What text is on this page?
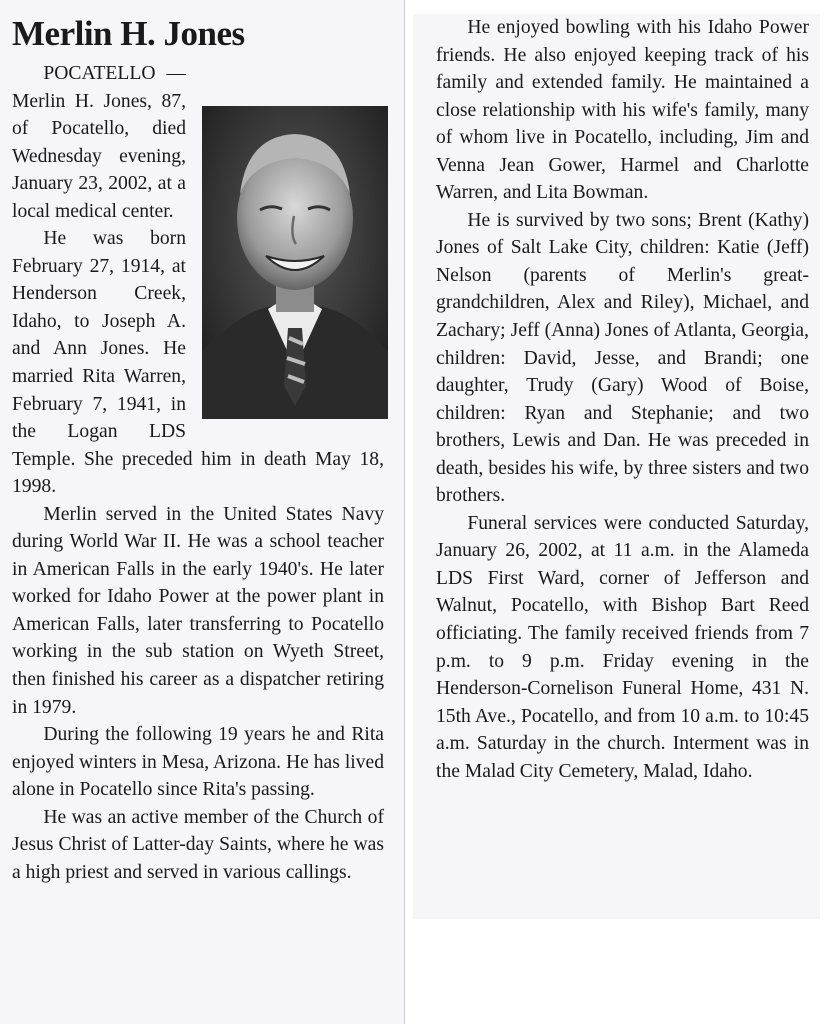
Merlin H. Jones

POCATELLO — Merlin H. Jones, 87, of Pocatello, died Wednesday evening, January 23, 2002, at a local medical center.

He was born February 27, 1914, at Henderson Creek, Idaho, to Joseph A. and Ann Jones. He married Rita Warren, February 7, 1941, in the Logan LDS Temple. She preceded him in death May 18, 1998.

Merlin served in the United States Navy during World War II. He was a school teacher in American Falls in the early 1940's. He later worked for Idaho Power at the power plant in American Falls, later transferring to Pocatello working in the sub station on Wyeth Street, then finished his career as a dispatcher retiring in 1979.

During the following 19 years he and Rita enjoyed winters in Mesa, Arizona. He has lived alone in Pocatello since Rita's passing.

He was an active member of the Church of Jesus Christ of Latter-day Saints, where he was a high priest and served in various callings.

He enjoyed bowling with his Idaho Power friends. He also enjoyed keeping track of his family and extended family. He maintained a close relationship with his wife's family, many of whom live in Pocatello, including, Jim and Venna Jean Gower, Harmel and Charlotte Warren, and Lita Bowman.

He is survived by two sons; Brent (Kathy) Jones of Salt Lake City, children: Katie (Jeff) Nelson (parents of Merlin's great-grandchildren, Alex and Riley), Michael, and Zachary; Jeff (Anna) Jones of Atlanta, Georgia, children: David, Jesse, and Brandi; one daughter, Trudy (Gary) Wood of Boise, children: Ryan and Stephanie; and two brothers, Lewis and Dan. He was preceded in death, besides his wife, by three sisters and two brothers.

Funeral services were conducted Saturday, January 26, 2002, at 11 a.m. in the Alameda LDS First Ward, corner of Jefferson and Walnut, Pocatello, with Bishop Bart Reed officiating. The family received friends from 7 p.m. to 9 p.m. Friday evening in the Henderson-Cornelison Funeral Home, 431 N. 15th Ave., Pocatello, and from 10 a.m. to 10:45 a.m. Saturday in the church. Interment was in the Malad City Cemetery, Malad, Idaho.
